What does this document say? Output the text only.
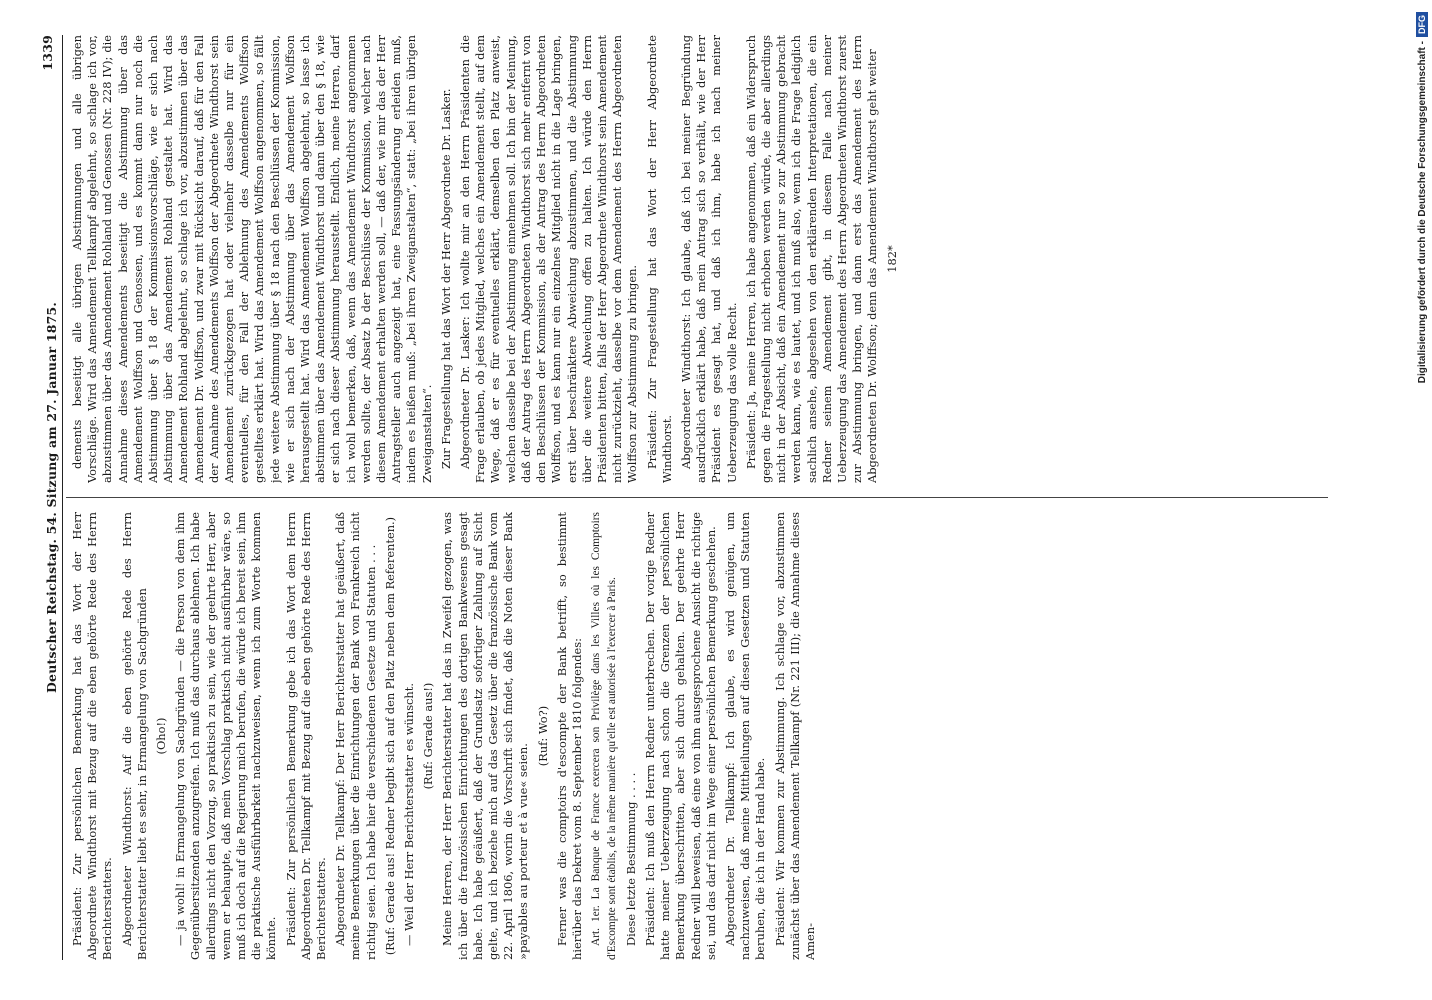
Deutscher Reichstag. 54. Sitzung am 27. Januar 1875.
1339
Präsident: Zur persönlichen Bemerkung hat das Wort der Herr Abgeordnete Windthorst mit Bezug auf die eben gehörte Rede des Herrn Berichterstatters. Abgeordneter Windthorst: Auf die eben gehörte Rede des Herrn Berichterstatter liebt es sehr, in Ermangelung von Sachgründen (Oho!) — ja wohl! in Ermangelung von Sachgründen — die Person von dem ihm Gegenübersitzenden anzugreifen. Ich muß das durchaus ablehnen. Ich habe allerdings nicht den Vorzug, so praktisch zu sein, wie der geehrte Herr, aber wenn er behaupte, daß mein Vorschlag praktisch nicht ausführbar wäre, so muß ich doch auf die Regierung mich berufen, die würde ich bereit sein, ihm die praktische Ausführbarkeit nachzuweisen, wenn ich zum Worte kommen könnte. Präsident: Zur persönlichen Bemerkung gebe ich das Wort dem Herrn Abgeordneten Dr. Tellkampf mit Bezug auf die eben gehörte Rede des Herrn Berichterstatters. Abgeordneter Dr. Tellkampf: Der Herr Berichterstatter hat geäußert, daß meine Bemerkungen über die Einrichtungen der Bank von Frankreich nicht richtig seien. Ich habe hier die verschiedenen Gesetze und Statuten . . . (Ruf: Gerade aus! Redner begibt sich auf den Platz neben dem Referenten.) — Weil der Herr Berichterstatter es wünscht. (Ruf: Gerade aus!) Meine Herren, der Herr Berichterstatter hat das in Zweifel gezogen, was ich über die französischen Einrichtungen des dortigen Bankwesens gesagt habe. Ich habe geäußert, daß der Grundsatz sofortiger Zahlung auf Sicht gelte, und ich beziehe mich auf das Gesetz über die französische Bank vom 22. April 1806, worin die Vorschrift sich findet, daß die Noten dieser Bank »payables au porteur et à vue« seien.
(Ruf: Wo?) Ferner was die comptoirs d'escompte der Bank betrifft, so bestimmt hierüber das Dekret vom 8. September 1810 folgendes: Art. 1er. La Banque de France exercera son Privilège dans les Villes où les Comptoirs d'Escompte sont établis, de la même manière qu'elle est autorisée à l'exercer à Paris. Diese letzte Bestimmung . . . . Präsident: Ich muß den Herrn Redner unterbrechen. Der vorige Redner hatte meiner Ueberzeugung nach schon die Grenzen der persönlichen Bemerkung überschritten, aber sich durch gehalten. Der geehrte Herr Redner will beweisen, daß eine von ihm ausgesprochene Ansicht die richtige sei, und das darf nicht im Wege einer persönlichen Bemerkung geschehen. Abgeordneter Dr. Tellkampf: Ich glaube, es wird genügen, um nachzuweisen, daß meine Mittheilungen auf diesen Gesetzen und Statuten beruhen, die ich in der Hand habe. Präsident: Wir kommen zur Abstimmung. Ich schlage vor, abzustimmen zunächst über das Amendement Tellkampf (Nr. 221 III); die Annahme dieses Amen-
dements beseitigt alle übrigen Abstimmungen und alle übrigen Vorschläge. Wird das Amendement Tellkampf abgelehnt, so schlage ich vor, abzustimmen über das Amendement Rohland und Genossen (Nr. 228 IV); die Annahme dieses Amendements beseitigt die Abstimmung über das Amendement Wolffson und Genossen, und es kommt dann nur noch die Abstimmung über § 18 der Kommissionsvorschläge, wie er sich nach Abstimmung über das Amendement Rohland gestaltet hat. Wird das Amendement Rohland abgelehnt, so schlage ich vor, abzustimmen über das Amendement Dr. Wolffson, und zwar mit Rücksicht darauf, daß für den Fall der Annahme des Amendements Wolffson der Abgeordnete Windthorst sein Amendement zurückgezogen hat oder vielmehr dasselbe nur für ein eventuelles, für den Fall der Ablehnung des Amendements Wolffson gestelltes erklärt hat. Wird das Amendement Wolffson angenommen, so fällt jede weitere Abstimmung über § 18 nach den Beschlüssen der Kommission, wie er sich nach der Abstimmung über das Amendement Wolffson herausgestellt hat. Wird das Amendement Wolffson abgelehnt, so lasse ich abstimmen über das Amendement Windthorst und dann über den § 18, wie er sich nach dieser Abstimmung herausstellt. Endlich, meine Herren, darf ich wohl bemerken, daß, wenn das Amendement Windthorst angenommen werden sollte, der Absatz b der Beschlüsse der Kommission, welcher nach diesem Amendement erhalten werden soll, — daß der, wie mir das der Herr Antragsteller auch angezeigt hat, eine Fassungsänderung erleiden muß, indem es heißen muß: „bei ihren Zweiganstalten“, statt: „bei ihren übrigen Zweiganstalten“. Zur Fragestellung hat das Wort der Herr Abgeordnete Dr. Lasker. Abgeordneter Dr. Lasker: Ich wollte mir an den Herrn Präsidenten die Frage erlauben, ob jedes Mitglied, welches ein Amendement stellt, auf dem Wege, daß er es für eventuelles erklärt, demselben den Platz anweist, welchen dasselbe bei der Abstimmung einnehmen soll. Ich bin der Meinung, daß der Antrag des Herrn Abgeordneten Windthorst sich mehr entfernt von den Beschlüssen der Kommission, als der Antrag des Herrn Abgeordneten Wolffson, und es kann nur ein einzelnes Mitglied nicht in die Lage bringen, erst über beschränktere Abweichung abzustimmen, und die Abstimmung über die weitere Abweichung offen zu halten. Ich würde den Herrn Präsidenten bitten, falls der Herr Abgeordnete Windthorst sein Amendement nicht zurückzieht, dasselbe vor dem Amendement des Herrn Abgeordneten Wolffson zur Abstimmung zu bringen. Präsident: Zur Fragestellung hat das Wort der Herr Abgeordnete Windthorst. Abgeordneter Windthorst: Ich glaube, daß ich bei meiner Begründung ausdrücklich erklärt habe, daß mein Antrag sich so verhält, wie der Herr Präsident es gesagt hat, und daß ich ihm, habe ich nach meiner Ueberzeugung das volle Recht. Präsident: Ja, meine Herren, ich habe angenommen, daß ein Widerspruch gegen die Fragestellung nicht erhoben werden würde, die aber allerdings nicht in der Absicht, daß ein Amendement nur so zur Abstimmung gebracht werden kann, wie es lautet, und ich muß also, wenn ich die Frage lediglich sachlich ansehe, abgesehen von den erklärenden Interpretationen, die ein Redner seinem Amendement gibt, in diesem Falle nach meiner Ueberzeugung das Amendement des Herrn Abgeordneten Windthorst zuerst zur Abstimmung bringen, und dann erst das Amendement des Herrn Abgeordneten Dr. Wolffson; denn das Amendement Windthorst geht weiter 182*	Digitalisierung gefördert durch die Deutsche Forschungsgemeinschaft -DFG
